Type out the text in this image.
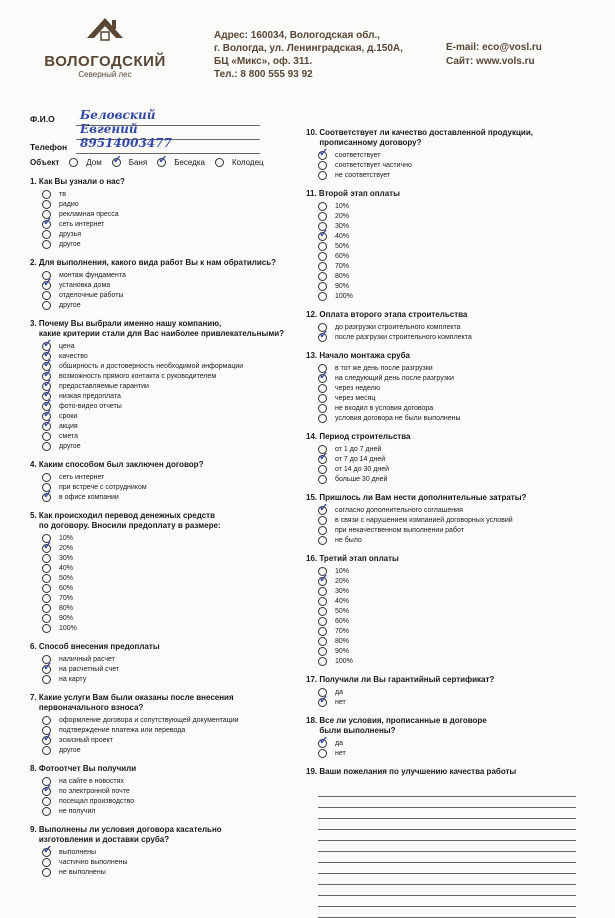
ВОЛОГОДСКИЙ
Северный лес
Адрес: 160034, Вологодская обл.,
г. Вологда, ул. Ленинградская, д.150А,
БЦ «Микс», оф. 311.
Тел.: 8 800 555 93 92
E-mail: eco@vosl.ru
Сайт: www.vols.ru
Ф.И.О Беловский
Евгений
Телефон 89514003477
Объект	Дом ✓	Баня ✓	Беседка	Колодец
1. Как Вы узнали о нас?
тв
радио
рекламная пресса
✓
сеть интернет
друзья
другое
2. Для выполнения, какого вида работ Вы к нам обратились?
монтаж фундамента
✓
установка дома
отделочные работы
другое
3. Почему Вы выбрали именно нашу компанию,
какие критерии стали для Вас наиболее привлекательными?
✓
цена
✓
качество
✓
обширность и достоверность необходимой информации
✓
возможность прямого контакта с руководителем
✓
предоставляемые гарантии
✓
низкая предоплата
✓
фото-видео отчеты
✓
сроки
✓
акция
смета
другое
4. Каким способом был заключен договор?
сеть интернет
при встрече с сотрудником
✓
в офисе компании
5. Как происходил перевод денежных средств
по договору. Вносили предоплату в размере:
10%
✓
20%
30%
40%
50%
60%
70%
80%
90%
100%
6. Способ внесения предоплаты
наличный расчет
✓
на расчетный счет
на карту
7. Какие услуги Вам были оказаны после внесения
первоначального взноса?
оформление договора и сопутствующей документации
подтверждение платежа или перевода
✓
эскизный проект
другое
8. Фотоотчет Вы получили
на сайте в новостях
✓
по электронной почте
посещал производство
не получил
9. Выполнены ли условия договора касательно
изготовления и доставки сруба?
✓
выполнены
частично выполнены
не выполнены
10. Соответствует ли качество доставленной продукции,
прописанному договору?
✓
соответствует
соответствует частично
не соответствует
11. Второй этап оплаты
10%
20%
30%
✓
40%
50%
60%
70%
80%
90%
100%
12. Оплата второго этапа строительства
до разгрузки строительного комплекта
✓
после разгрузки строительного комплекта
13. Начало монтажа сруба
в тот же день после разгрузки
✓
на следующий день после разгрузки
через неделю
через месяц
не входил в условия договора
условия договора не были выполнены
14. Период строительства
от 1 до 7 дней
✓
от 7 до 14 дней
от 14 до 30 дней
больше 30 дней
15. Пришлось ли Вам нести дополнительные затраты?
✓
согласно дополнительного соглашения
в связи с нарушением компанией договорных условий
при некачественном выполнении работ
не было
16. Третий этап оплаты
10%
✓
20%
30%
40%
50%
60%
70%
80%
90%
100%
17. Получили ли Вы гарантийный сертификат?
да
✓
нет
18. Все ли условия, прописанные в договоре
были выполнены?
✓
да
нет
19. Ваши пожелания по улучшению качества работы
